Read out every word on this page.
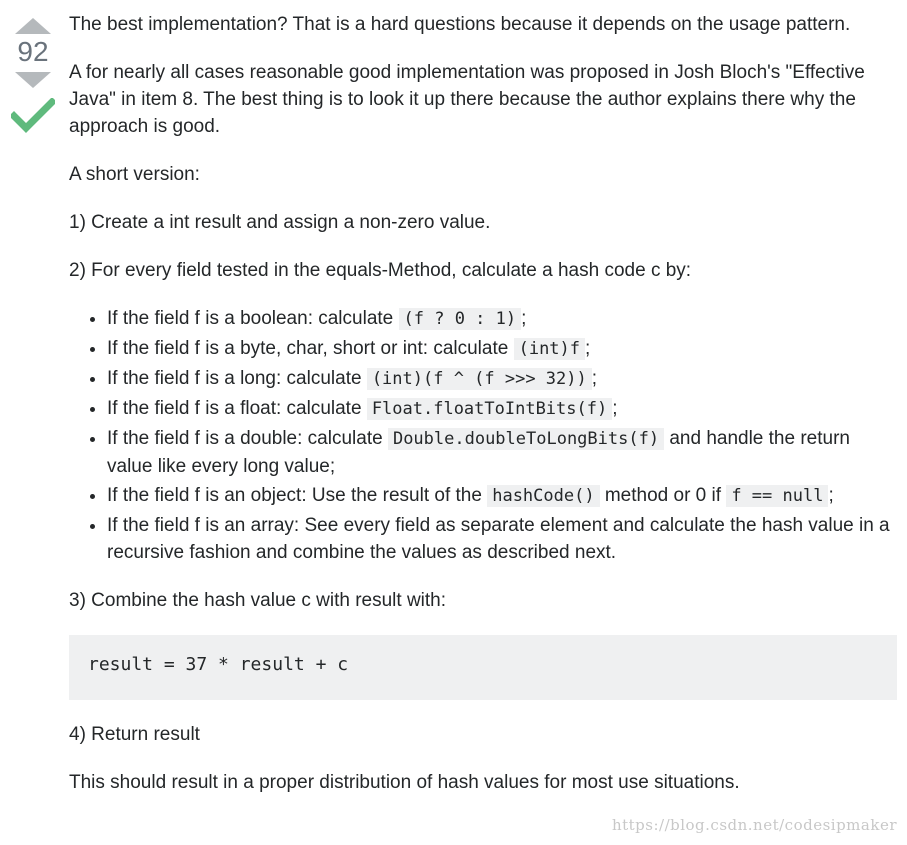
92

The best implementation? That is a hard questions because it depends on the usage pattern.

A for nearly all cases reasonable good implementation was proposed in Josh Bloch's "Effective Java" in item 8. The best thing is to look it up there because the author explains there why the approach is good.

A short version:

1) Create a int result and assign a non-zero value.

2) For every field tested in the equals-Method, calculate a hash code c by:

• If the field f is a boolean: calculate (f ? 0 : 1) ;
• If the field f is a byte, char, short or int: calculate (int)f ;
• If the field f is a long: calculate (int)(f ^ (f >>> 32)) ;
• If the field f is a float: calculate Float.floatToIntBits(f) ;
• If the field f is a double: calculate Double.doubleToLongBits(f) and handle the return value like every long value;
• If the field f is an object: Use the result of the hashCode() method or 0 if f == null ;
• If the field f is an array: See every field as separate element and calculate the hash value in a recursive fashion and combine the values as described next.

3) Combine the hash value c with result with:

result = 37 * result + c

4) Return result

This should result in a proper distribution of hash values for most use situations.

https://blog.csdn.net/codesipmaker
